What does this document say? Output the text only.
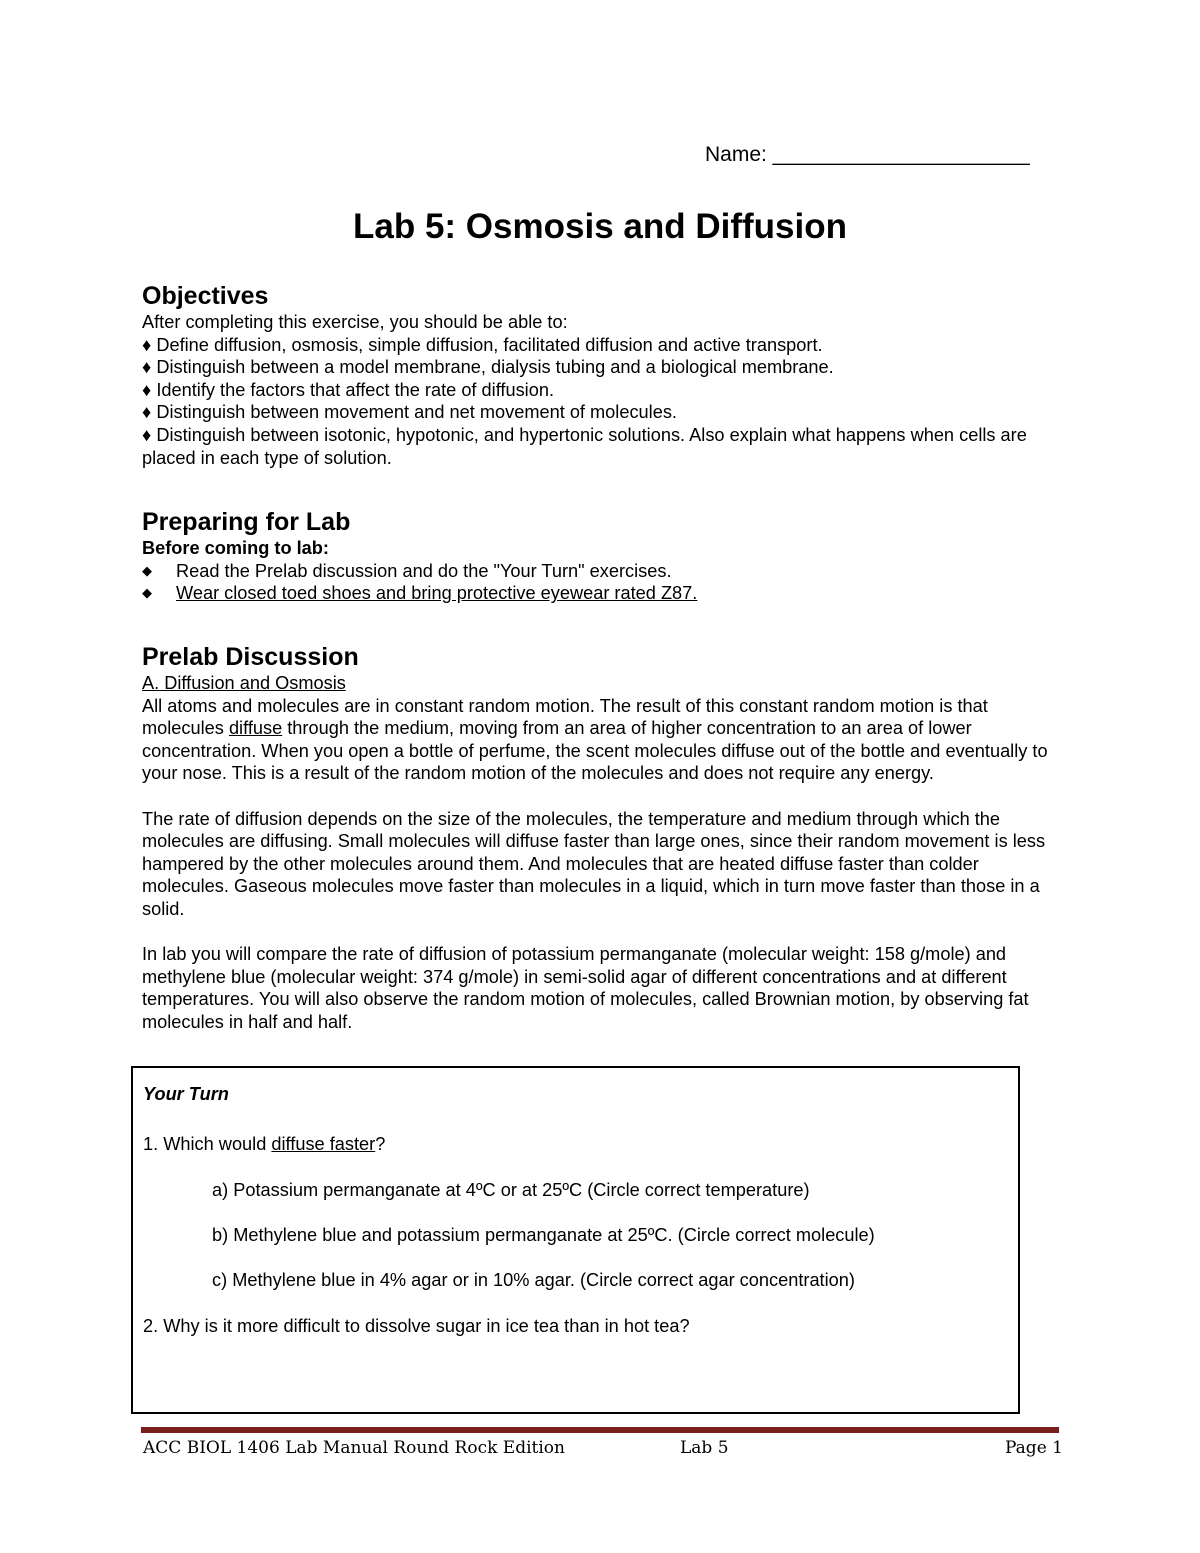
Name: ______________________
Lab 5: Osmosis and Diffusion
Objectives

After completing this exercise, you should be able to:

♦ Define diffusion, osmosis, simple diffusion, facilitated diffusion and active transport.

♦ Distinguish between a model membrane, dialysis tubing and a biological membrane.

♦ Identify the factors that affect the rate of diffusion.

♦ Distinguish between movement and net movement of molecules.

♦ Distinguish between isotonic, hypotonic, and hypertonic solutions. Also explain what happens when cells are placed in each type of solution.

Preparing for Lab

Before coming to lab:

◆ Read the Prelab discussion and do the "Your Turn" exercises.
◆ Wear closed toed shoes and bring protective eyewear rated Z87.
Prelab Discussion

A. Diffusion and Osmosis

All atoms and molecules are in constant random motion. The result of this constant random motion is that molecules diffuse through the medium, moving from an area of higher concentration to an area of lower concentration. When you open a bottle of perfume, the scent molecules diffuse out of the bottle and eventually to your nose. This is a result of the random motion of the molecules and does not require any energy.

The rate of diffusion depends on the size of the molecules, the temperature and medium through which the molecules are diffusing. Small molecules will diffuse faster than large ones, since their random movement is less hampered by the other molecules around them. And molecules that are heated diffuse faster than colder molecules. Gaseous molecules move faster than molecules in a liquid, which in turn move faster than those in a solid.

In lab you will compare the rate of diffusion of potassium permanganate (molecular weight: 158 g/mole) and methylene blue (molecular weight: 374 g/mole) in semi-solid agar of different concentrations and at different temperatures. You will also observe the random motion of molecules, called Brownian motion, by observing fat molecules in half and half.

Your Turn
1. Which would diffuse faster?
a) Potassium permanganate at 4ºC or at 25ºC (Circle correct temperature)
b) Methylene blue and potassium permanganate at 25ºC. (Circle correct molecule)
c) Methylene blue in 4% agar or in 10% agar. (Circle correct agar concentration)
2. Why is it more difficult to dissolve sugar in ice tea than in hot tea?
ACC BIOL 1406 Lab Manual Round Rock Edition	Lab 5	Page 1
